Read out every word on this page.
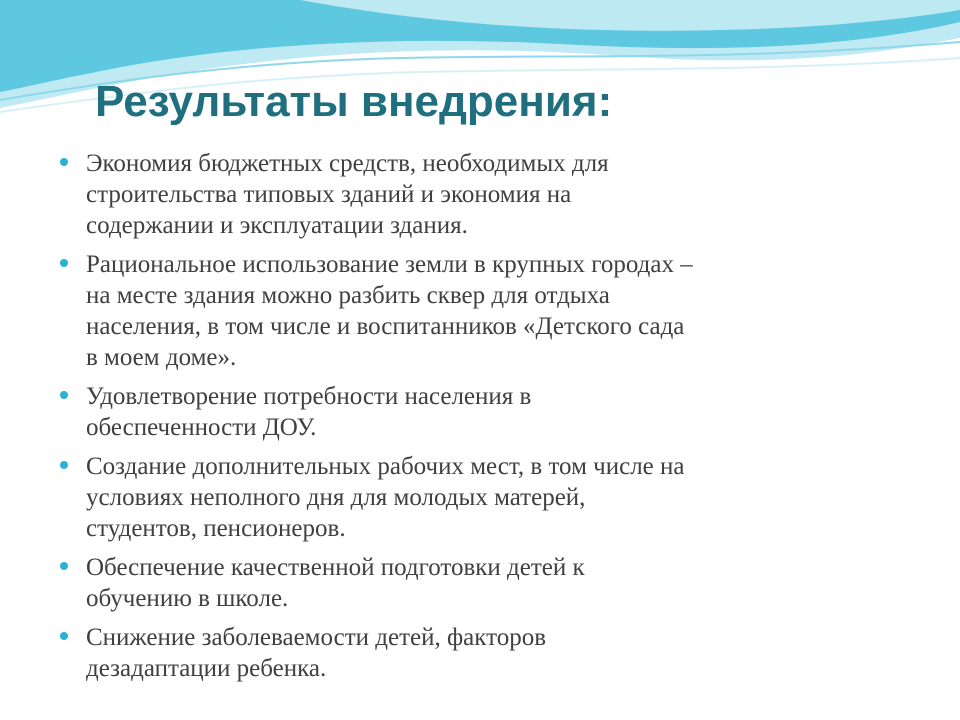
Результаты внедрения:
Экономия бюджетных средств, необходимых для
строительства типовых зданий и экономия на
содержании и эксплуатации здания.
Рациональное использование земли в крупных городах –
на месте здания можно разбить сквер для отдыха
населения, в том числе и воспитанников «Детского сада
в моем доме».
Удовлетворение потребности населения в
обеспеченности ДОУ.
Создание дополнительных рабочих мест, в том числе на
условиях неполного дня для молодых матерей,
студентов, пенсионеров.
Обеспечение качественной подготовки детей к
обучению в школе.
Снижение заболеваемости детей, факторов
дезадаптации ребенка.
